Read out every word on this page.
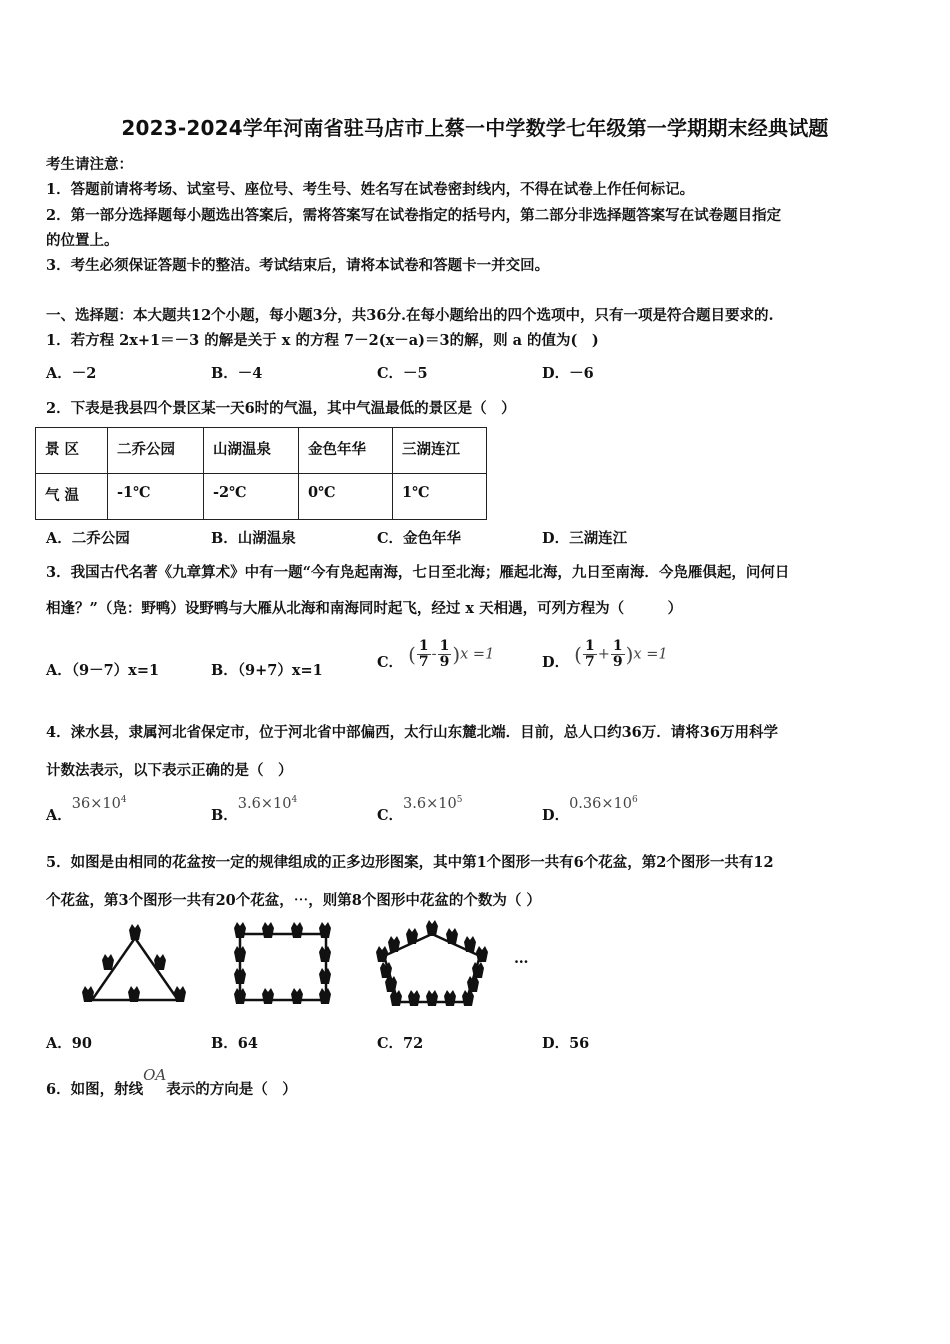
2023-2024学年河南省驻马店市上蔡一中学数学七年级第一学期期末经典试题
考生请注意：
1．答题前请将考场、试室号、座位号、考生号、姓名写在试卷密封线内，不得在试卷上作任何标记。
2．第一部分选择题每小题选出答案后，需将答案写在试卷指定的括号内，第二部分非选择题答案写在试卷题目指定
的位置上。
3．考生必须保证答题卡的整洁。考试结束后，请将本试卷和答题卡一并交回。
一、选择题：本大题共12个小题，每小题3分，共36分.在每小题给出的四个选项中，只有一项是符合题目要求的.
1．若方程 2x+1＝－3 的解是关于 x 的方程 7－2(x－a)＝3的解，则 a 的值为(　)
A．－2	B．－4	C．－5	D．－6
2．下表是我县四个景区某一天6时的气温，其中气温最低的景区是（　）
景 区	二乔公园	山湖温泉	金色年华	三湖连江
气 温	-1℃	-2℃	0℃	1℃
A．二乔公园	B．山湖温泉	C．金色年华	D．三湖连江
3．我国古代名著《九章算术》中有一题“今有凫起南海，七日至北海；雁起北海，九日至南海．今凫雁俱起，问何日
相逢？”（凫：野鸭）设野鸭与大雁从北海和南海同时起飞，经过 x 天相遇，可列方程为（　　　）
A．（9－7）x=1	B．（9+7）x=1	C． ( $\frac{1}{7} - \frac{1}{9} )x =1$	D． ( $\frac{1}{7} + \frac{1}{9} )x =1$
4．涞水县，隶属河北省保定市，位于河北省中部偏西，太行山东麓北端．目前，总人口约36万．请将36万用科学
计数法表示，以下表示正确的是（　）
A．$36\times 10^4$
B．$3.6\times 10^4$
C．$3.6\times 10^5$
D．$0.36\times 10^6$
5．如图是由相同的花盆按一定的规律组成的正多边形图案，其中第1个图形一共有6个花盆，第2个图形一共有12
个花盆，第3个图形一共有20个花盆，⋯，则第8个图形中花盆的个数为（ ）
…
A．90	B．64	C．72	D．56
6．如图，射线OA表示的方向是（　）
